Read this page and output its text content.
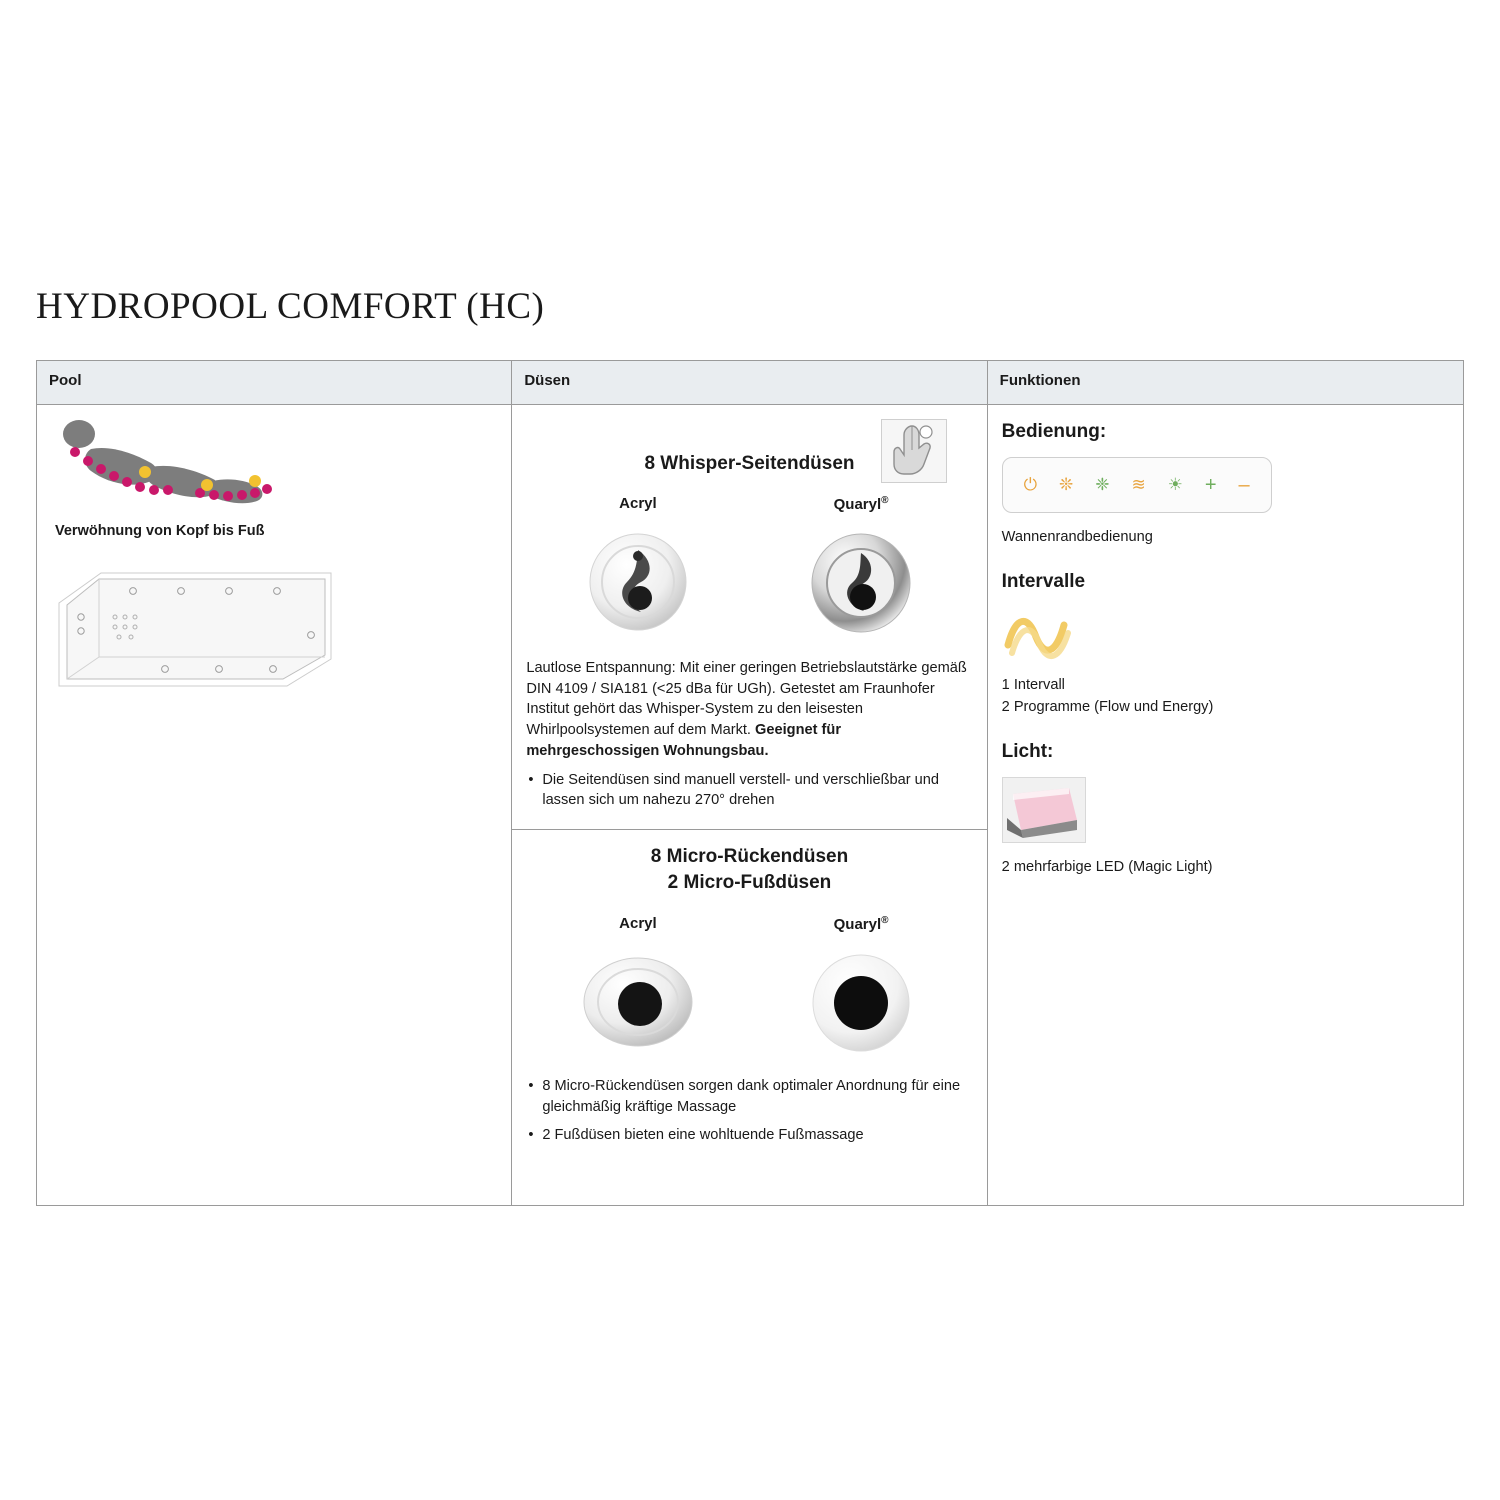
HYDROPOOL COMFORT (HC)
Pool	Düsen	Funktionen
Verwöhnung von Kopf bis Fuß
8 Whisper-Seitendüsen
Acryl	Quaryl®
Lautlose Entspannung: Mit einer geringen Betriebslautstärke gemäß DIN 4109 / SIA181 (<25 dBa für UGh). Getestet am Fraunhofer Institut gehört das Whisper-System zu den leisesten Whirlpoolsystemen auf dem Markt. Geeignet für mehrgeschossigen Wohnungsbau.
• Die Seitendüsen sind manuell verstell- und verschließbar und lassen sich um nahezu 270° drehen
8 Micro-Rückendüsen
2 Micro-Fußdüsen
Acryl	Quaryl®
• 8 Micro-Rückendüsen sorgen dank optimaler Anordnung für eine gleichmäßig kräftige Massage
• 2 Fußdüsen bieten eine wohltuende Fußmassage
Bedienung:
⏻ ❊ ❈ ≋ ☀ + –
Wannenrandbedienung
Intervalle
1 Intervall
2 Programme (Flow und Energy)
Licht:
2 mehrfarbige LED (Magic Light)
